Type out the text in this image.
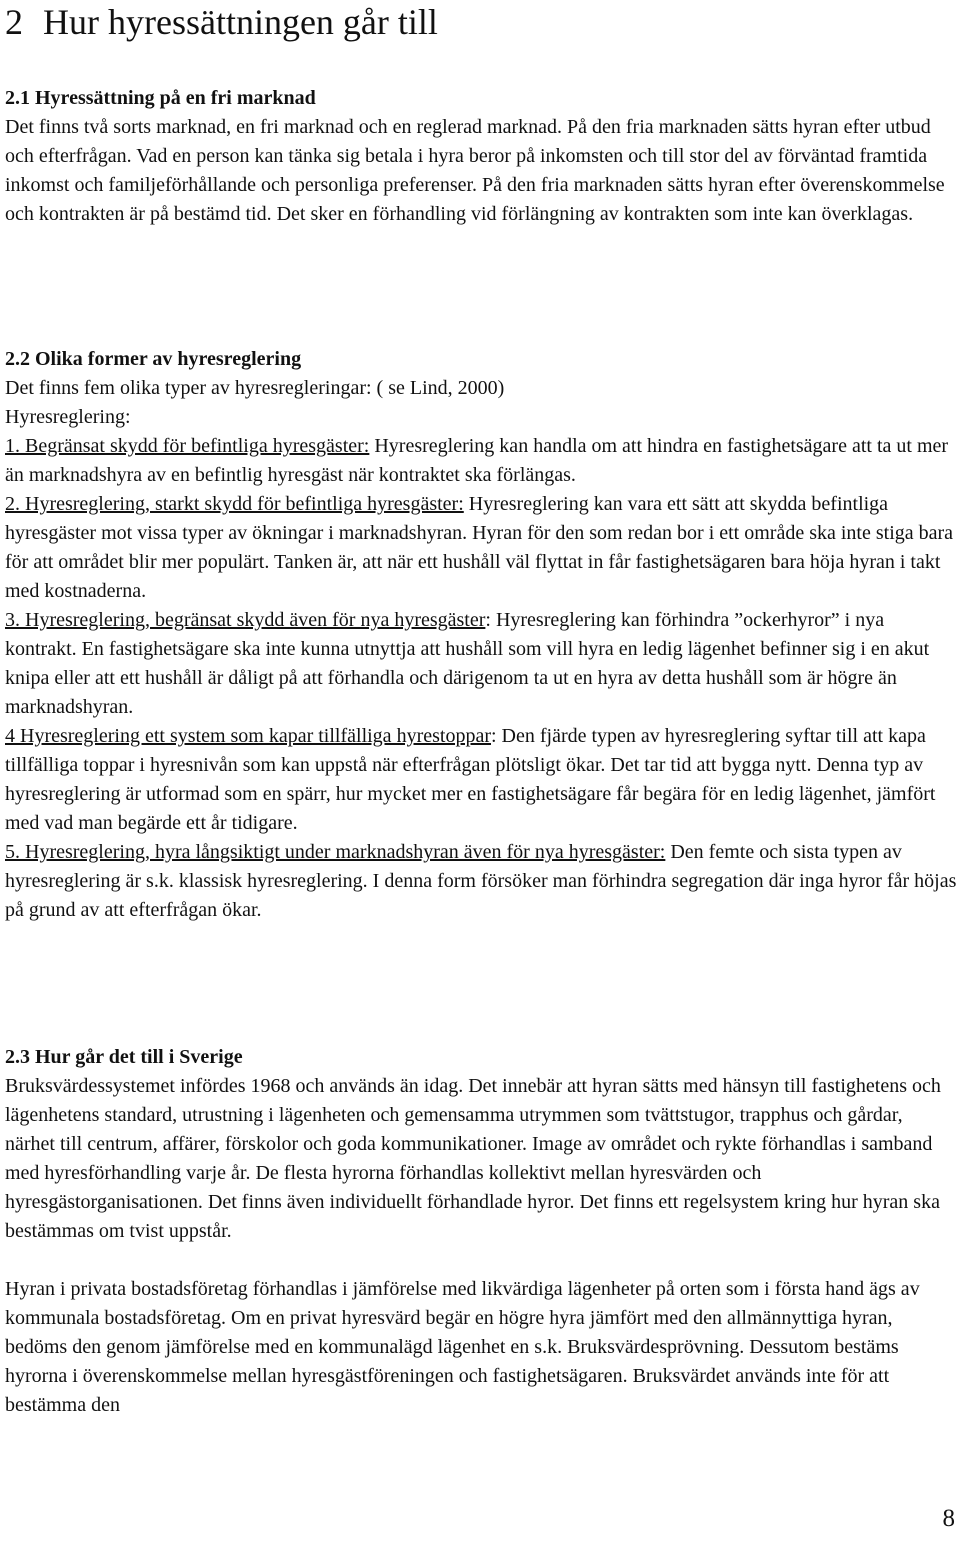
2 Hur hyressättningen går till
2.1 Hyressättning på en fri marknad

Det finns två sorts marknad, en fri marknad och en reglerad marknad. På den fria marknaden sätts hyran efter utbud och efterfrågan. Vad en person kan tänka sig betala i hyra beror på inkomsten och till stor del av förväntad framtida inkomst och familjeförhållande och personliga preferenser. På den fria marknaden sätts hyran efter överenskommelse och kontrakten är på bestämd tid. Det sker en förhandling vid förlängning av kontrakten som inte kan överklagas.

2.2 Olika former av hyresreglering

Det finns fem olika typer av hyresregleringar: ( se Lind, 2000)

Hyresreglering:

1. Begränsat skydd för befintliga hyresgäster: Hyresreglering kan handla om att hindra en fastighetsägare att ta ut mer än marknadshyra av en befintlig hyresgäst när kontraktet ska förlängas.

2. Hyresreglering, starkt skydd för befintliga hyresgäster: Hyresreglering kan vara ett sätt att skydda befintliga hyresgäster mot vissa typer av ökningar i marknadshyran. Hyran för den som redan bor i ett område ska inte stiga bara för att området blir mer populärt. Tanken är, att när ett hushåll väl flyttat in får fastighetsägaren bara höja hyran i takt med kostnaderna.

3. Hyresreglering, begränsat skydd även för nya hyresgäster: Hyresreglering kan förhindra ”ockerhyror” i nya kontrakt. En fastighetsägare ska inte kunna utnyttja att hushåll som vill hyra en ledig lägenhet befinner sig i en akut knipa eller att ett hushåll är dåligt på att förhandla och därigenom ta ut en hyra av detta hushåll som är högre än marknadshyran.

4 Hyresreglering ett system som kapar tillfälliga hyrestoppar: Den fjärde typen av hyresreglering syftar till att kapa tillfälliga toppar i hyresnivån som kan uppstå när efterfrågan plötsligt ökar. Det tar tid att bygga nytt. Denna typ av hyresreglering är utformad som en spärr, hur mycket mer en fastighetsägare får begära för en ledig lägenhet, jämfört med vad man begärde ett år tidigare.

5. Hyresreglering, hyra långsiktigt under marknadshyran även för nya hyresgäster: Den femte och sista typen av hyresreglering är s.k. klassisk hyresreglering. I denna form försöker man förhindra segregation där inga hyror får höjas på grund av att efterfrågan ökar.

2.3 Hur går det till i Sverige

Bruksvärdessystemet infördes 1968 och används än idag. Det innebär att hyran sätts med hänsyn till fastighetens och lägenhetens standard, utrustning i lägenheten och gemensamma utrymmen som tvättstugor, trapphus och gårdar, närhet till centrum, affärer, förskolor och goda kommunikationer. Image av området och rykte förhandlas i samband med hyresförhandling varje år. De flesta hyrorna förhandlas kollektivt mellan hyresvärden och hyresgästorganisationen. Det finns även individuellt förhandlade hyror. Det finns ett regelsystem kring hur hyran ska bestämmas om tvist uppstår.

Hyran i privata bostadsföretag förhandlas i jämförelse med likvärdiga lägenheter på orten som i första hand ägs av kommunala bostadsföretag. Om en privat hyresvärd begär en högre hyra jämfört med den allmännyttiga hyran, bedöms den genom jämförelse med en kommunalägd lägenhet en s.k. Bruksvärdesprövning. Dessutom bestäms hyrorna i överenskommelse mellan hyresgästföreningen och fastighetsägaren. Bruksvärdet används inte för att bestämma den

8
